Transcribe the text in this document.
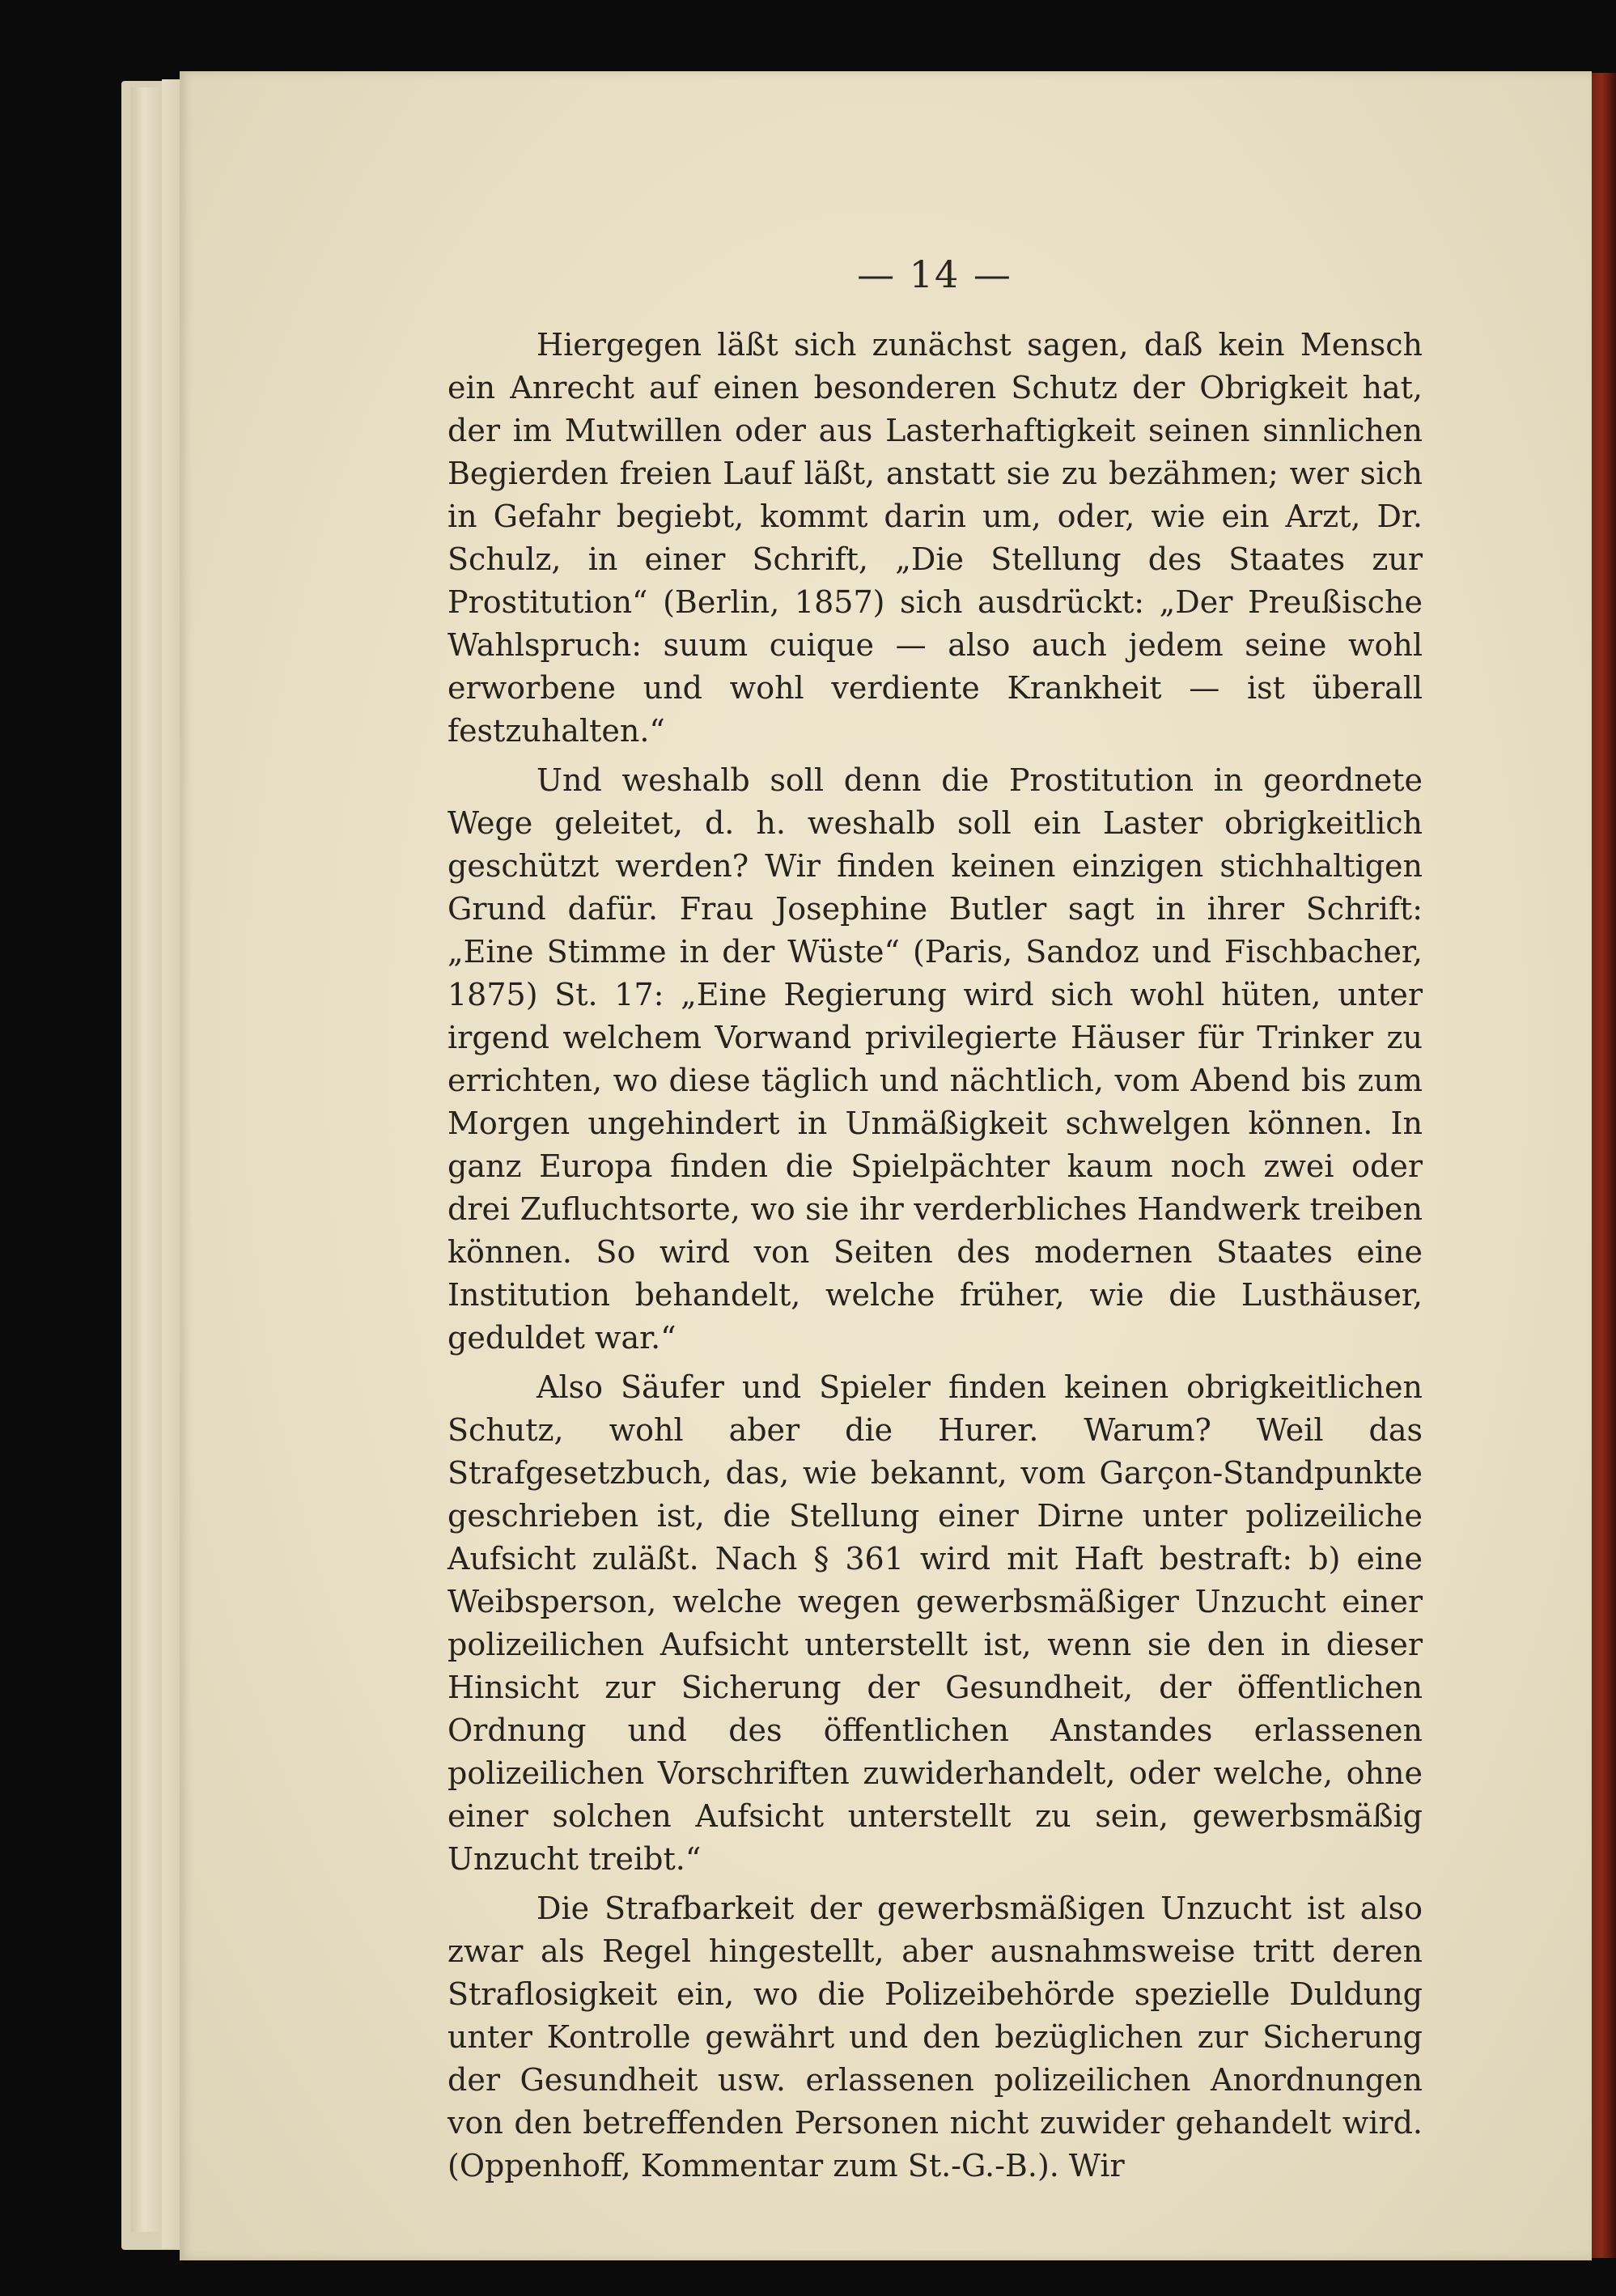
— 14 —

Hiergegen läßt sich zunächst sagen, daß kein Mensch ein Anrecht auf einen besonderen Schutz der Obrigkeit hat, der im Mutwillen oder aus Lasterhaftigkeit seinen sinnlichen Begierden freien Lauf läßt, anstatt sie zu bezähmen; wer sich in Gefahr begiebt, kommt darin um, oder, wie ein Arzt, Dr. Schulz, in einer Schrift, „Die Stellung des Staates zur Prostitution“ (Berlin, 1857) sich ausdrückt: „Der Preußische Wahlspruch: suum cuique — also auch jedem seine wohl erworbene und wohl verdiente Krankheit — ist überall festzuhalten.“

Und weshalb soll denn die Prostitution in geordnete Wege geleitet, d. h. weshalb soll ein Laster obrigkeitlich geschützt werden? Wir finden keinen einzigen stichhaltigen Grund dafür. Frau Josephine Butler sagt in ihrer Schrift: „Eine Stimme in der Wüste“ (Paris, Sandoz und Fischbacher, 1875) St. 17: „Eine Regierung wird sich wohl hüten, unter irgend welchem Vorwand privilegierte Häuser für Trinker zu errichten, wo diese täglich und nächtlich, vom Abend bis zum Morgen ungehindert in Unmäßigkeit schwelgen können. In ganz Europa finden die Spielpächter kaum noch zwei oder drei Zufluchtsorte, wo sie ihr verderbliches Handwerk treiben können. So wird von Seiten des modernen Staates eine Institution behandelt, welche früher, wie die Lusthäuser, geduldet war.“

Also Säufer und Spieler finden keinen obrigkeitlichen Schutz, wohl aber die Hurer. Warum? Weil das Strafgesetzbuch, das, wie bekannt, vom Garçon-Standpunkte geschrieben ist, die Stellung einer Dirne unter polizeiliche Aufsicht zuläßt. Nach § 361 wird mit Haft bestraft: b) eine Weibsperson, welche wegen gewerbsmäßiger Unzucht einer polizeilichen Aufsicht unterstellt ist, wenn sie den in dieser Hinsicht zur Sicherung der Gesundheit, der öffentlichen Ordnung und des öffentlichen Anstandes erlassenen polizeilichen Vorschriften zuwiderhandelt, oder welche, ohne einer solchen Aufsicht unterstellt zu sein, gewerbsmäßig Unzucht treibt.“

Die Strafbarkeit der gewerbsmäßigen Unzucht ist also zwar als Regel hingestellt, aber ausnahmsweise tritt deren Straflosigkeit ein, wo die Polizeibehörde spezielle Duldung unter Kontrolle gewährt und den bezüglichen zur Sicherung der Gesundheit usw. erlassenen polizeilichen Anordnungen von den betreffenden Personen nicht zuwider gehandelt wird. (Oppenhoff, Kommentar zum St.-G.-B.). Wir
